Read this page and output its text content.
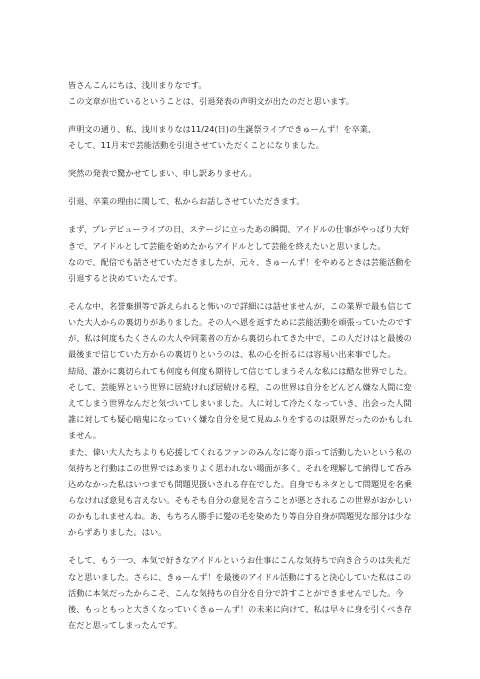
皆さんこんにちは、浅川まりなです。
この文章が出ているということは、引退発表の声明文が出たのだと思います。
声明文の通り、私、浅川まりなは11/24(日)の生誕祭ライブできゅーんず！を卒業、
そして、11月末で芸能活動を引退させていただくことになりました。
突然の発表で驚かせてしまい、申し訳ありません。
引退、卒業の理由に関して、私からお話しさせていただきます。
まず、プレデビューライブの日、ステージに立ったあの瞬間、アイドルの仕事がやっぱり大好
きで、アイドルとして芸能を始めたからアイドルとして芸能を終えたいと思いました。
なので、配信でも話させていただきましたが、元々、きゅーんず！をやめるときは芸能活動を
引退すると決めていたんです。
そんな中、名誉棄損等で訴えられると怖いので詳細には話せませんが、この業界で最も信じて
いた大人からの裏切りがありました。その人へ恩を返すために芸能活動を頑張っていたのです
が、私は何度もたくさんの大人や同業者の方から裏切られてきた中で、この人だけはと最後の
最後まで信じていた方からの裏切りというのは、私の心を折るには容易い出来事でした。
結局、誰かに裏切られても何度も何度も期待して信じてしまうそんな私には酷な世界でした。
そして、芸能界という世界に居続ければ居続ける程、この世界は自分をどんどん嫌な人間に変
えてしまう世界なんだと気づいてしまいました。人に対して冷たくなっていき、出会った人間
誰に対しても疑心暗鬼になっていく嫌な自分を見て見ぬふりをするのは限界だったのかもしれ
ません。
また、偉い大人たちよりも応援してくれるファンのみんなに寄り添って活動したいという私の
気持ちと行動はこの世界ではあまりよく思われない場面が多く、それを理解して納得して呑み
込めなかった私はいつまでも問題児扱いされる存在でした。自身でもネタとして問題児を名乗
らなければ意見も言えない。そもそも自分の意見を言うことが悪とされるこの世界がおかしい
のかもしれませんね。あ、もちろん勝手に髪の毛を染めたり等自分自身が問題児な部分は少な
からずありました。はい。
そして、もう一つ、本気で好きなアイドルというお仕事にこんな気持ちで向き合うのは失礼だ
なと思いました。さらに、きゅーんず！を最後のアイドル活動にすると決心していた私はこの
活動に本気だったからこそ、こんな気持ちの自分を自分で許すことができませんでした。今
後、もっともっと大きくなっていくきゅーんず！の未来に向けて、私は早々に身を引くべき存
在だと思ってしまったんです。
